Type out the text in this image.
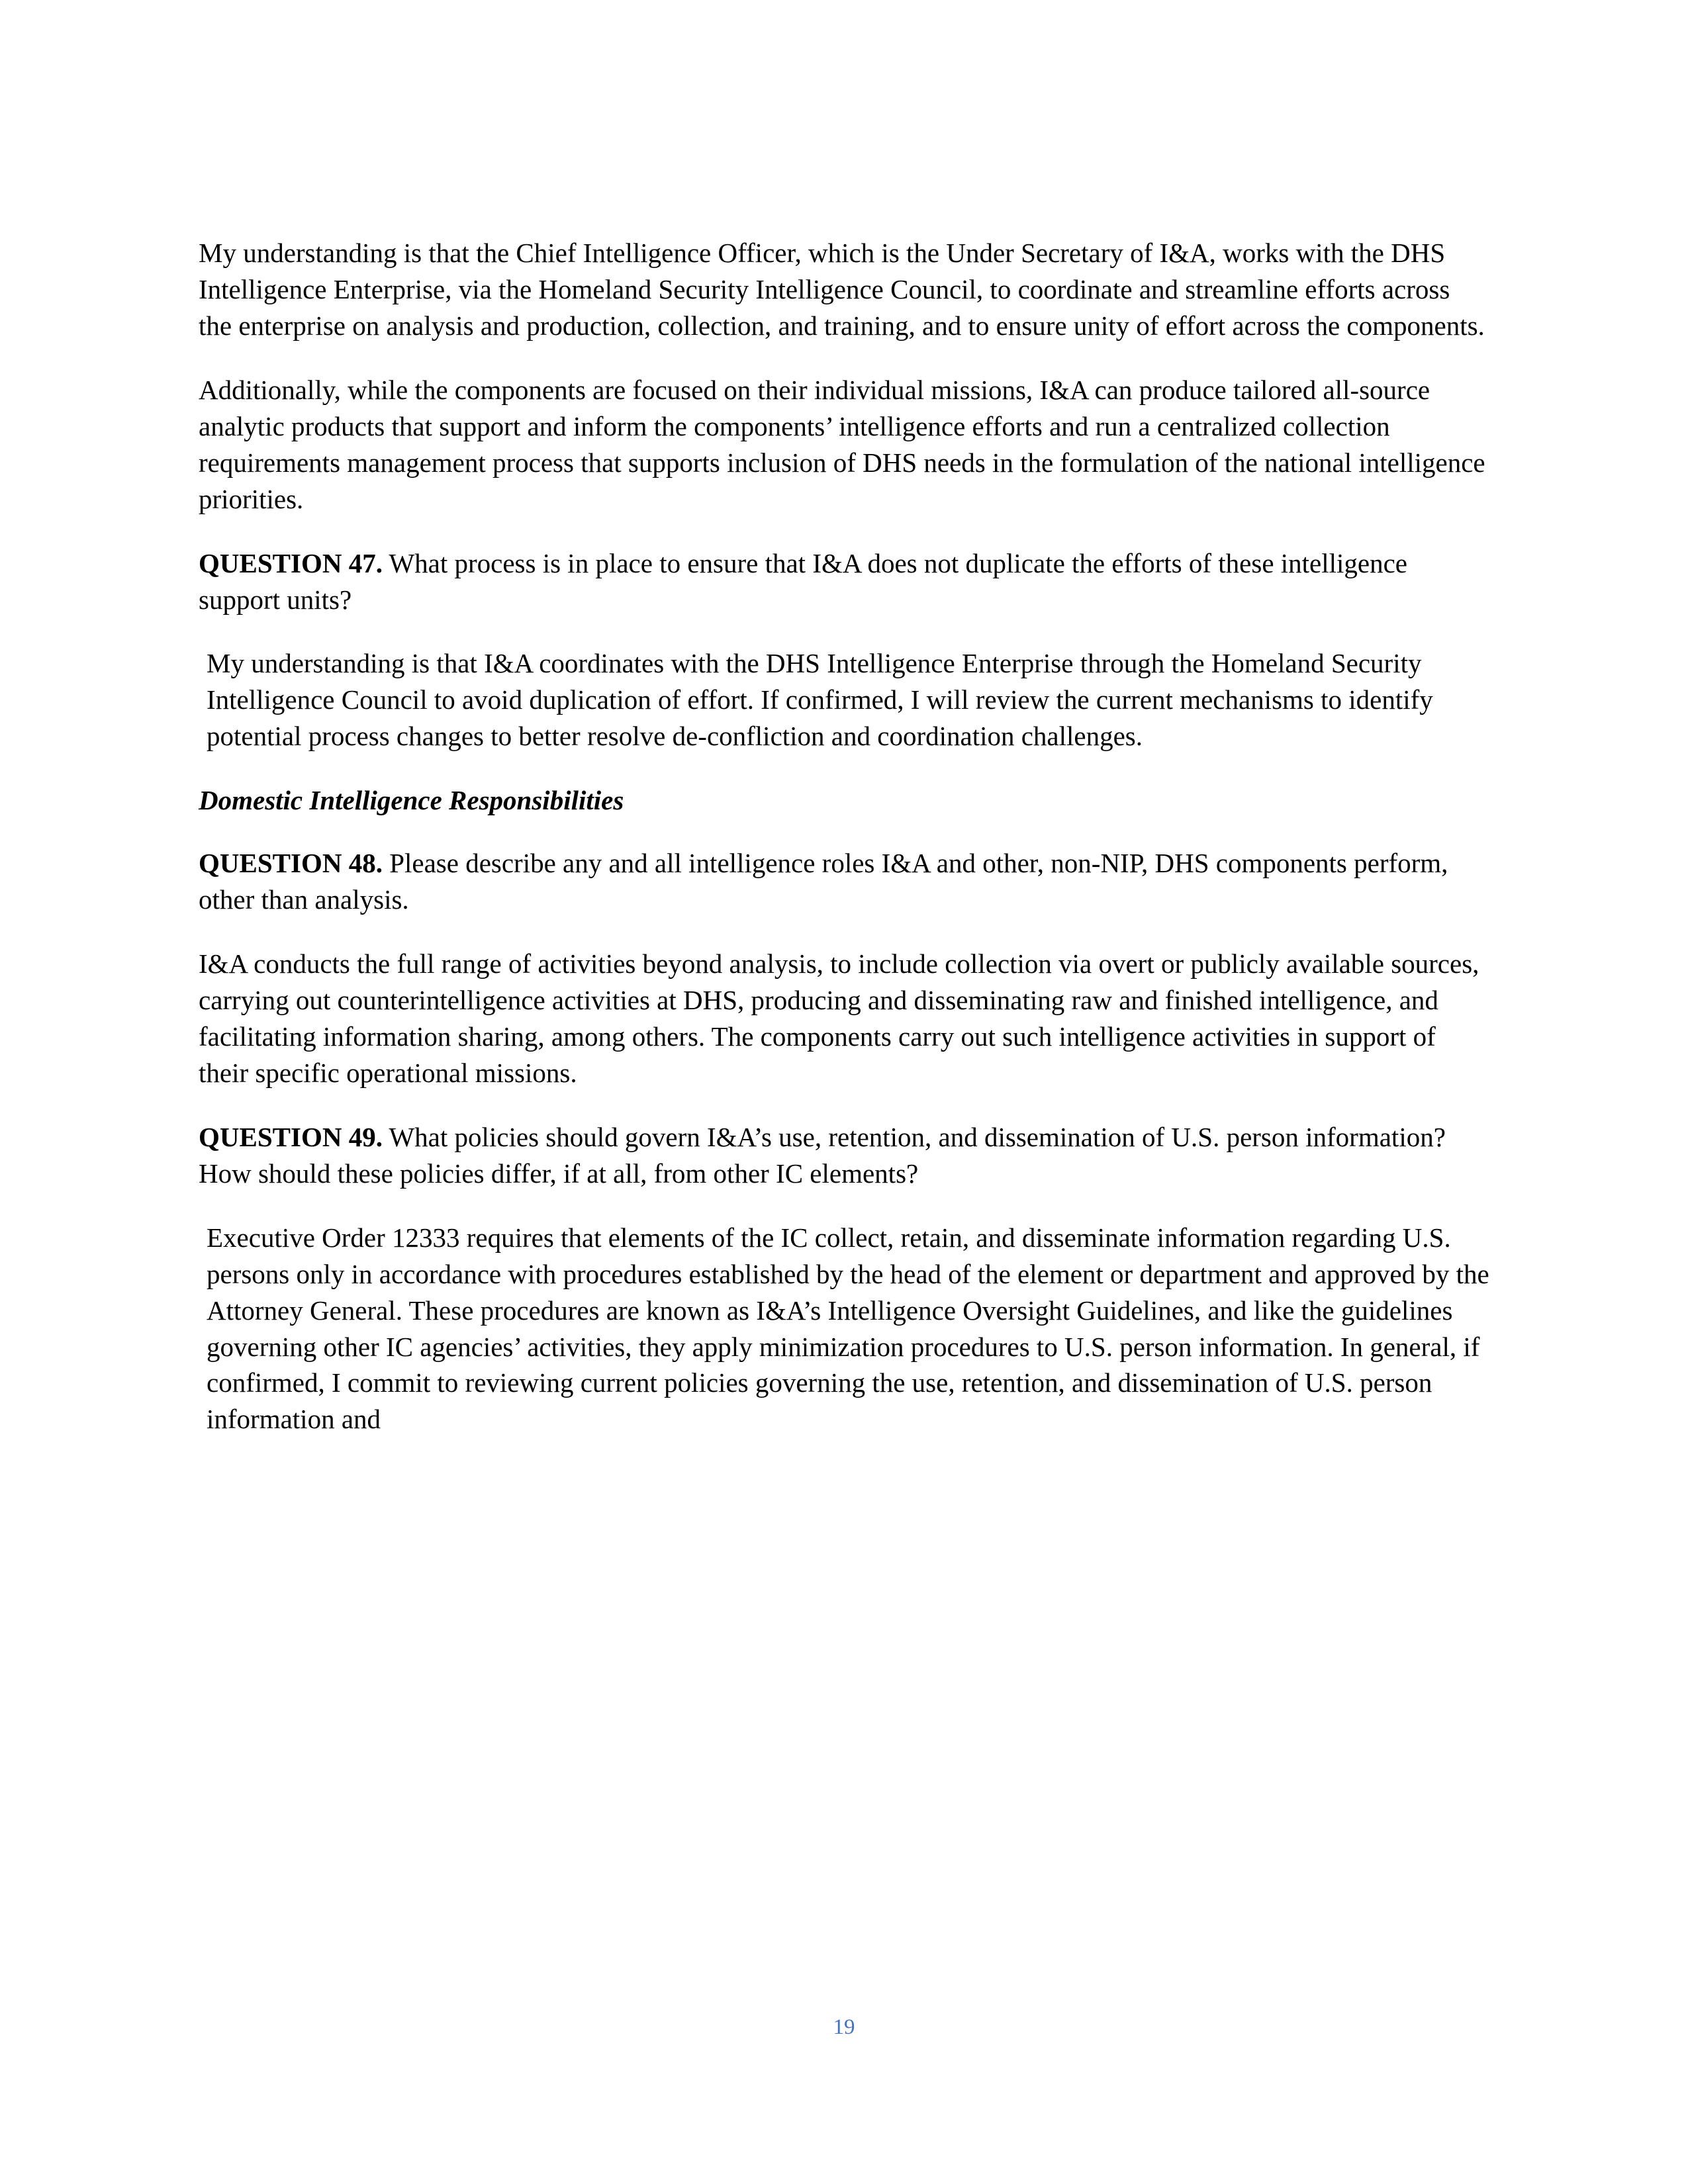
My understanding is that the Chief Intelligence Officer, which is the Under Secretary of I&A, works with the DHS Intelligence Enterprise, via the Homeland Security Intelligence Council, to coordinate and streamline efforts across the enterprise on analysis and production, collection, and training, and to ensure unity of effort across the components.

Additionally, while the components are focused on their individual missions, I&A can produce tailored all-source analytic products that support and inform the components’ intelligence efforts and run a centralized collection requirements management process that supports inclusion of DHS needs in the formulation of the national intelligence priorities.

QUESTION 47. What process is in place to ensure that I&A does not duplicate the efforts of these intelligence support units?

My understanding is that I&A coordinates with the DHS Intelligence Enterprise through the Homeland Security Intelligence Council to avoid duplication of effort. If confirmed, I will review the current mechanisms to identify potential process changes to better resolve de-confliction and coordination challenges.

Domestic Intelligence Responsibilities

QUESTION 48. Please describe any and all intelligence roles I&A and other, non-NIP, DHS components perform, other than analysis.

I&A conducts the full range of activities beyond analysis, to include collection via overt or publicly available sources, carrying out counterintelligence activities at DHS, producing and disseminating raw and finished intelligence, and facilitating information sharing, among others. The components carry out such intelligence activities in support of their specific operational missions.

QUESTION 49. What policies should govern I&A’s use, retention, and dissemination of U.S. person information? How should these policies differ, if at all, from other IC elements?

Executive Order 12333 requires that elements of the IC collect, retain, and disseminate information regarding U.S. persons only in accordance with procedures established by the head of the element or department and approved by the Attorney General. These procedures are known as I&A’s Intelligence Oversight Guidelines, and like the guidelines governing other IC agencies’ activities, they apply minimization procedures to U.S. person information. In general, if confirmed, I commit to reviewing current policies governing the use, retention, and dissemination of U.S. person information and

19
